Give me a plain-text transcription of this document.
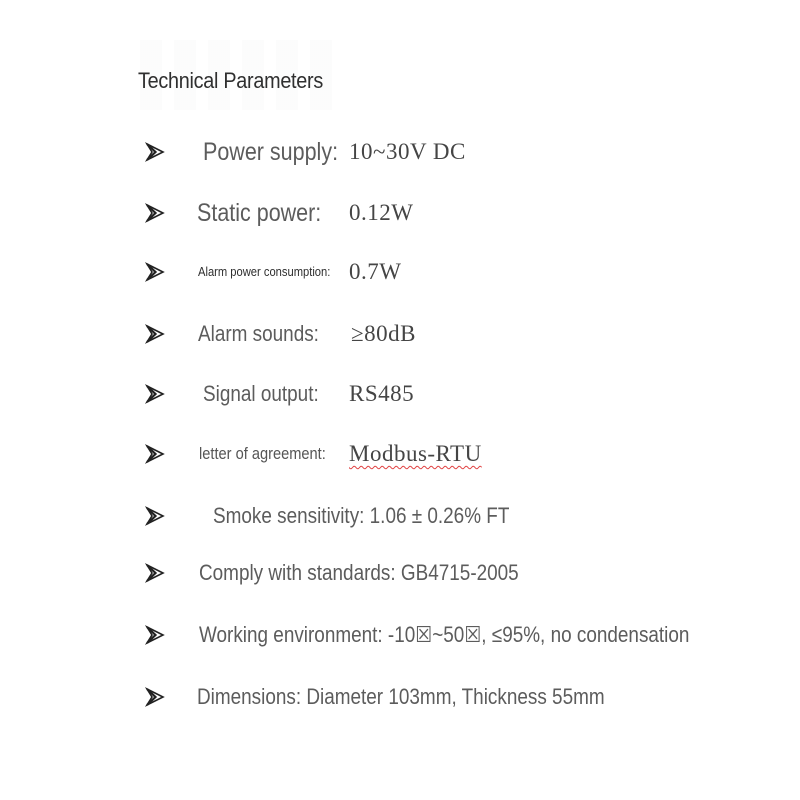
Technical Parameters
Power supply: 10~30V DC
Static power: 0.12W
Alarm power consumption: 0.7W
Alarm sounds: ≥80dB
Signal output: RS485
letter of agreement: Modbus-RTU
Smoke sensitivity: 1.06 ± 0.26% FT
Comply with standards: GB4715-2005
Working environment: -10☒~50☒, ≤95%, no condensation
Dimensions: Diameter 103mm, Thickness 55mm
